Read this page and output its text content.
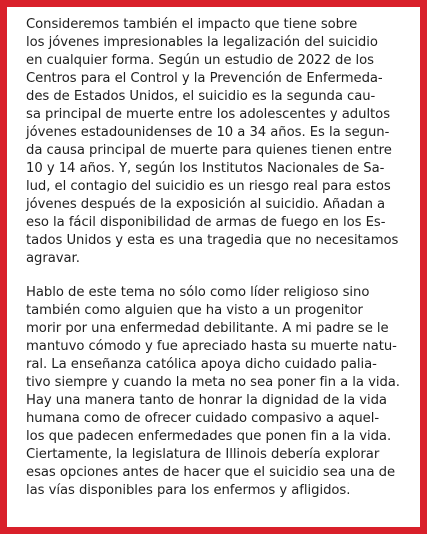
Consideremos también el impacto que tiene sobre
los jóvenes impresionables la legalización del suicidio
en cualquier forma. Según un estudio de 2022 de los
Centros para el Control y la Prevención de Enfermeda-
des de Estados Unidos, el suicidio es la segunda cau-
sa principal de muerte entre los adolescentes y adultos
jóvenes estadounidenses de 10 a 34 años. Es la segun-
da causa principal de muerte para quienes tienen entre
10 y 14 años. Y, según los Institutos Nacionales de Sa-
lud, el contagio del suicidio es un riesgo real para estos
jóvenes después de la exposición al suicidio. Añadan a
eso la fácil disponibilidad de armas de fuego en los Es-
tados Unidos y esta es una tragedia que no necesitamos
agravar.

Hablo de este tema no sólo como líder religioso sino
también como alguien que ha visto a un progenitor
morir por una enfermedad debilitante. A mi padre se le
mantuvo cómodo y fue apreciado hasta su muerte natu-
ral. La enseñanza católica apoya dicho cuidado palia-
tivo siempre y cuando la meta no sea poner fin a la vida.
Hay una manera tanto de honrar la dignidad de la vida
humana como de ofrecer cuidado compasivo a aquel-
los que padecen enfermedades que ponen fin a la vida.
Ciertamente, la legislatura de Illinois debería explorar
esas opciones antes de hacer que el suicidio sea una de
las vías disponibles para los enfermos y afligidos.
